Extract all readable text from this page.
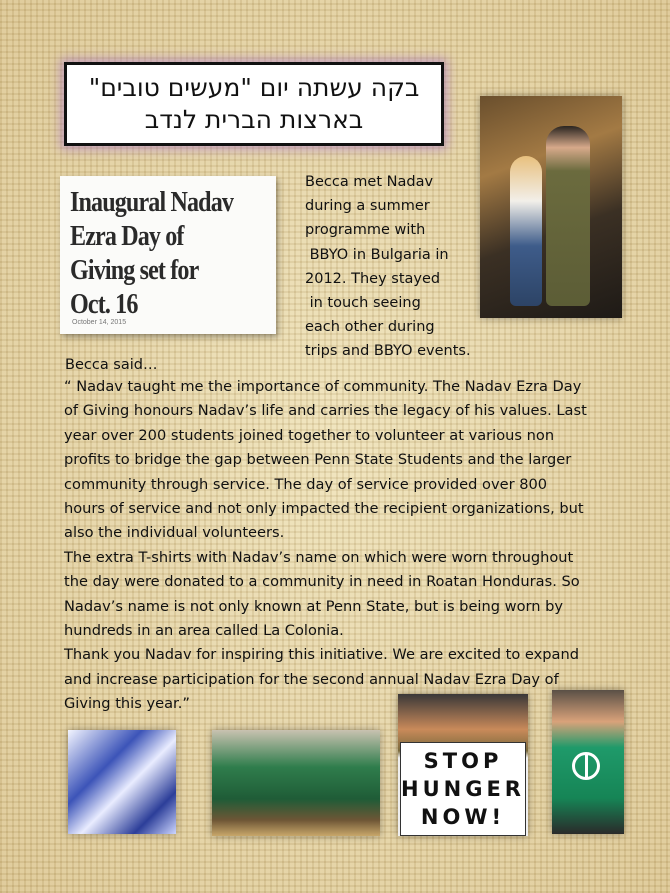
בקה עשתה יום "מעשים טובים"
בארצות הברית לנדב
Inaugural Nadav Ezra Day of Giving set for Oct. 16
October 14, 2015
Becca met Nadav
during a summer
programme with
BBYO in Bulgaria in
2012. They stayed
in touch seeing
each other during
trips and BBYO events.
Becca said…
“ Nadav taught me the importance of community. The Nadav Ezra Day
of Giving honours Nadav’s life and carries the legacy of his values. Last
year over 200 students joined together to volunteer at various non
profits to bridge the gap between Penn State Students and the larger
community through service. The day of service provided over 800
hours of service and not only impacted the recipient organizations, but
also the individual volunteers.
The extra T-shirts with Nadav’s name on which were worn throughout
the day were donated to a community in need in Roatan Honduras. So
Nadav’s name is not only known at Penn State, but is being worn by
hundreds in an area called La Colonia.
Thank you Nadav for inspiring this initiative. We are excited to expand
and increase participation for the second annual Nadav Ezra Day of
Giving this year.”
STOP
HUNGER
NOW!
